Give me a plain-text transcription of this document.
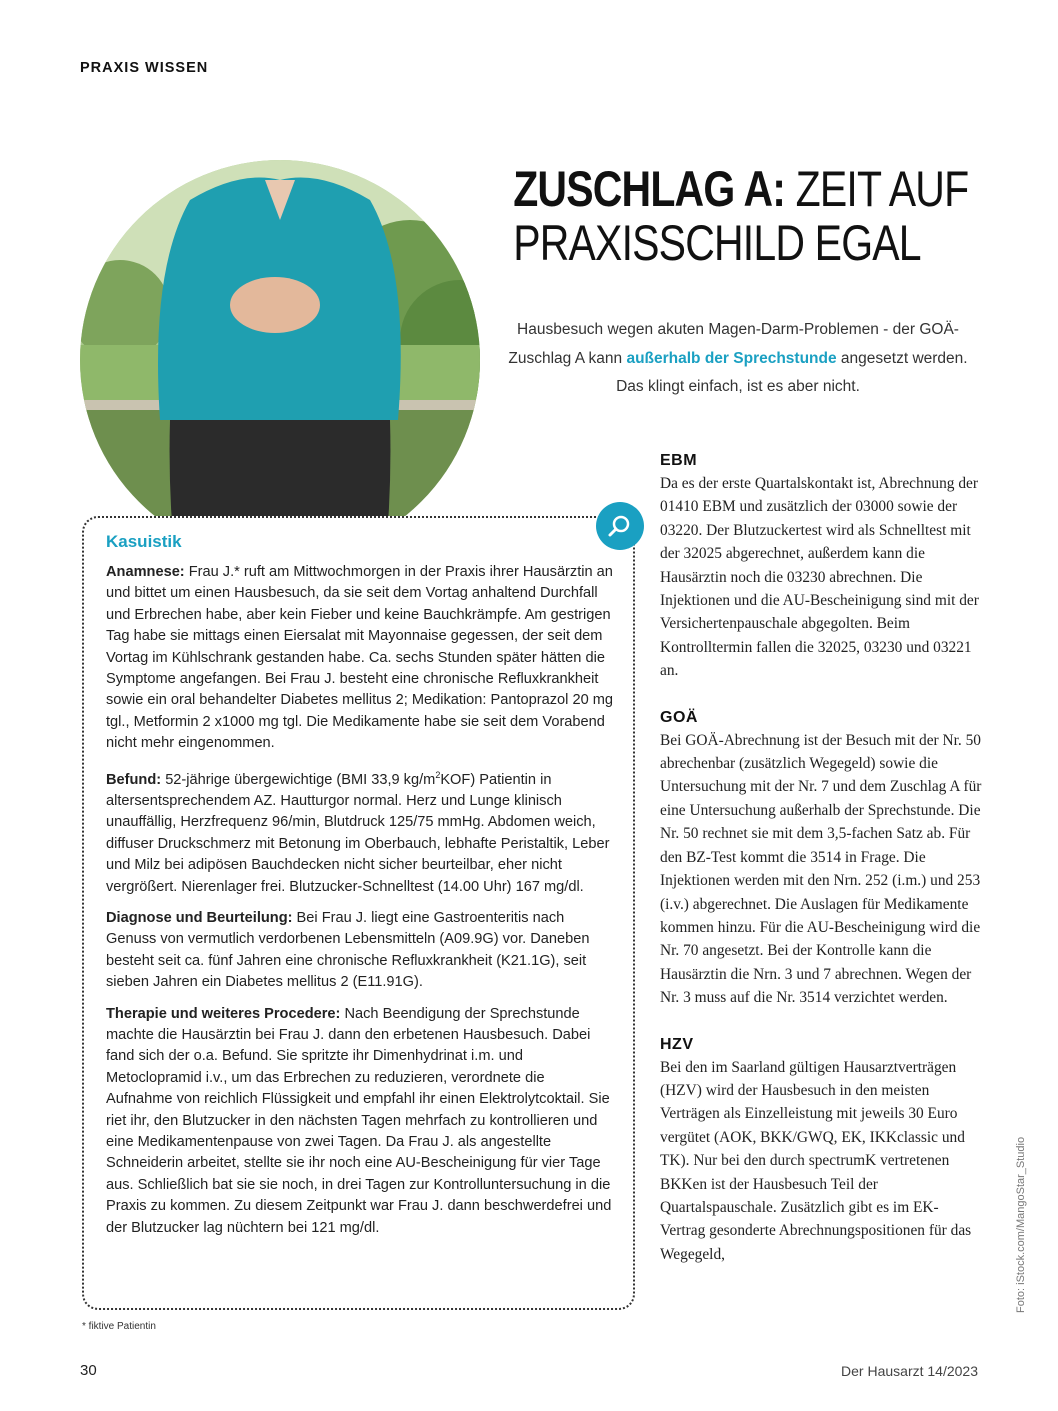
PRAXIS WISSEN
ZUSCHLAG A: ZEIT AUF
PRAXISSCHILD EGAL

Hausbesuch wegen akuten Magen-Darm-Problemen - der GOÄ-Zuschlag A kann außerhalb der Sprechstunde angesetzt werden. Das klingt einfach, ist es aber nicht.

Kasuistik

Anamnese: Frau J.* ruft am Mittwochmorgen in der Praxis ihrer Hausärztin an und bittet um einen Hausbesuch, da sie seit dem Vortag anhaltend Durchfall und Erbrechen habe, aber kein Fieber und keine Bauchkrämpfe. Am gestrigen Tag habe sie mittags einen Eiersalat mit Mayonnaise gegessen, der seit dem Vortag im Kühlschrank gestanden habe. Ca. sechs Stunden später hätten die Symptome angefangen. Bei Frau J. besteht eine chronische Refluxkrankheit sowie ein oral behandelter Diabetes mellitus 2; Medikation: Pantoprazol 20 mg tgl., Metformin 2 x1000 mg tgl. Die Medikamente habe sie seit dem Vorabend nicht mehr eingenommen.

Befund: 52-jährige übergewichtige (BMI 33,9 $kg/m^2KOF$) Patientin in altersentsprechendem AZ. Hautturgor normal. Herz und Lunge klinisch unauffällig, Herzfrequenz 96/min, Blutdruck 125/75 mmHg. Abdomen weich, diffuser Druckschmerz mit Betonung im Oberbauch, lebhafte Peristaltik, Leber und Milz bei adipösen Bauchdecken nicht sicher beurteilbar, eher nicht vergrößert. Nierenlager frei. Blutzucker-Schnelltest (14.00 Uhr) 167 mg/dl.

Diagnose und Beurteilung: Bei Frau J. liegt eine Gastroenteritis nach Genuss von vermutlich verdorbenen Lebensmitteln (A09.9G) vor. Daneben besteht seit ca. fünf Jahren eine chronische Refluxkrankheit (K21.1G), seit sieben Jahren ein Diabetes mellitus 2 (E11.91G).

Therapie und weiteres Procedere: Nach Beendigung der Sprechstunde machte die Hausärztin bei Frau J. dann den erbetenen Hausbesuch. Dabei fand sich der o.a. Befund. Sie spritzte ihr Dimenhydrinat i.m. und Metoclopramid i.v., um das Erbrechen zu reduzieren, verordnete die Aufnahme von reichlich Flüssigkeit und empfahl ihr einen Elektrolytcoktail. Sie riet ihr, den Blutzucker in den nächsten Tagen mehrfach zu kontrollieren und eine Medikamentenpause von zwei Tagen. Da Frau J. als angestellte Schneiderin arbeitet, stellte sie ihr noch eine AU-Bescheinigung für vier Tage aus. Schließlich bat sie sie noch, in drei Tagen zur Kontrolluntersuchung in die Praxis zu kommen. Zu diesem Zeitpunkt war Frau J. dann beschwerdefrei und der Blutzucker lag nüchtern bei 121 mg/dl.

* fiktive Patientin
EBM

Da es der erste Quartalskontakt ist, Abrechnung der 01410 EBM und zusätzlich der 03000 sowie der 03220. Der Blutzuckertest wird als Schnelltest mit der 32025 abgerechnet, außerdem kann die Hausärztin noch die 03230 abrechnen. Die Injektionen und die AU-Bescheinigung sind mit der Versichertenpauschale abgegolten. Beim Kontrolltermin fallen die 32025, 03230 und 03221 an.

GOÄ

Bei GOÄ-Abrechnung ist der Besuch mit der Nr. 50 abrechenbar (zusätzlich Wegegeld) sowie die Untersuchung mit der Nr. 7 und dem Zuschlag A für eine Untersuchung außerhalb der Sprechstunde. Die Nr. 50 rechnet sie mit dem 3,5-fachen Satz ab. Für den BZ-Test kommt die 3514 in Frage. Die Injektionen werden mit den Nrn. 252 (i.m.) und 253 (i.v.) abgerechnet. Die Auslagen für Medikamente kommen hinzu. Für die AU-Bescheinigung wird die Nr. 70 angesetzt. Bei der Kontrolle kann die Hausärztin die Nrn. 3 und 7 abrechnen. Wegen der Nr. 3 muss auf die Nr. 3514 verzichtet werden.

HZV

Bei den im Saarland gültigen Hausarztverträgen (HZV) wird der Hausbesuch in den meisten Verträgen als Einzelleistung mit jeweils 30 Euro vergütet (AOK, BKK/GWQ, EK, IKKclassic und TK). Nur bei den durch spectrumK vertretenen BKKen ist der Hausbesuch Teil der Quartalspauschale. Zusätzlich gibt es im EK-Vertrag gesonderte Abrechnungspositionen für das Wegegeld,	Foto: iStock.com/MangoStar_Studio
30	Der Hausarzt 14/2023
